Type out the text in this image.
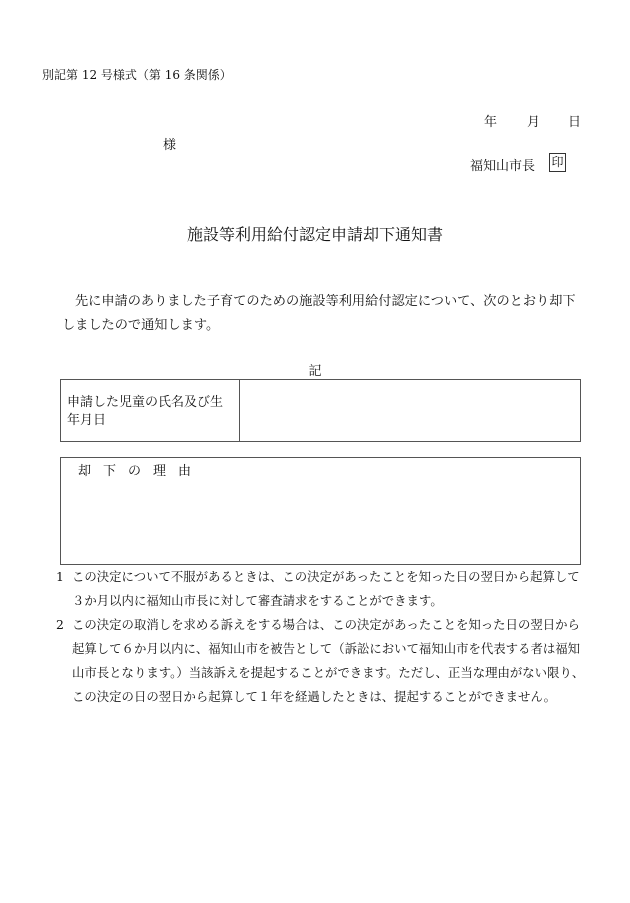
別記第 12 号様式（第 16 条関係）
年 月 日
様
福知山市長 印
施設等利用給付認定申請却下通知書
先に申請のありました子育てのための施設等利用給付認定について、次のとおり却下しましたので通知します。
記
申請した児童の氏名及び生
年月日

却下の理由
1 この決定について不服があるときは、この決定があったことを知った日の翌日から起算して３か月以内に福知山市長に対して審査請求をすることができます。
2 この決定の取消しを求める訴えをする場合は、この決定があったことを知った日の翌日から起算して６か月以内に、福知山市を被告として（訴訟において福知山市を代表する者は福知山市長となります。）当該訴えを提起することができます。ただし、正当な理由がない限り、この決定の日の翌日から起算して１年を経過したときは、提起することができません。
